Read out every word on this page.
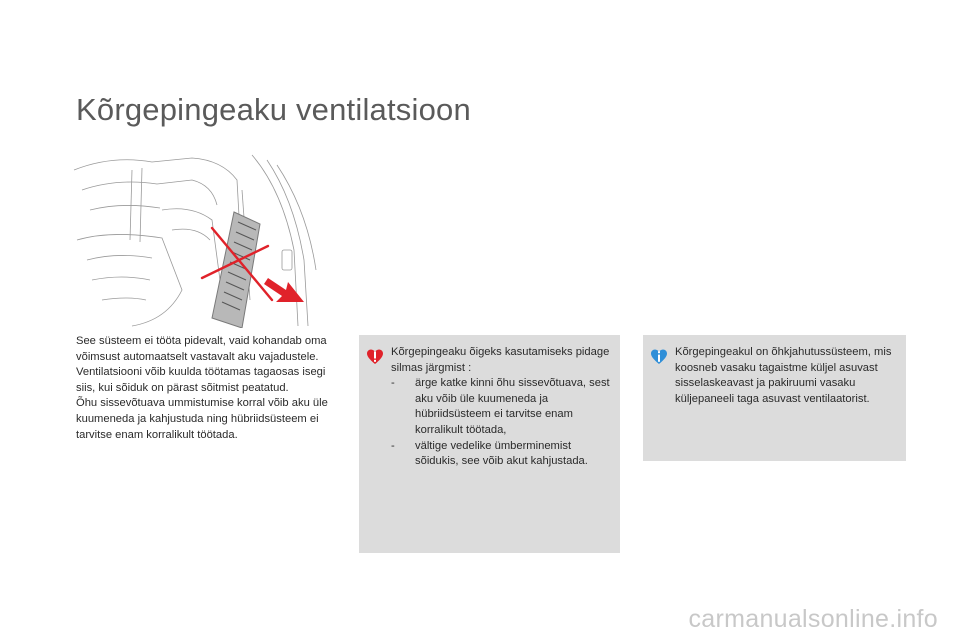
Kõrgepingeaku ventilatsioon

See süsteem ei tööta pidevalt, vaid kohandab oma võimsust automaatselt vastavalt aku vajadustele.

Ventilatsiooni võib kuulda töötamas tagaosas isegi siis, kui sõiduk on pärast sõitmist peatatud.

Õhu sissevõtuava ummistumise korral võib aku üle kuumeneda ja kahjustuda ning hübriidsüsteem ei tarvitse enam korralikult töötada.

Kõrgepingeaku õigeks kasutamiseks pidage silmas järgmist :

- ärge katke kinni õhu sissevõtuava, sest aku võib üle kuumeneda ja hübriidsüsteem ei tarvitse enam korralikult töötada,
- vältige vedelike ümberminemist sõidukis, see võib akut kahjustada.

Kõrgepingeakul on õhkjahutussüsteem, mis koosneb vasaku tagaistme küljel asuvast sisselaskeavast ja pakiruumi vasaku küljepaneeli taga asuvast ventilaatorist.

carmanualsonline.info
